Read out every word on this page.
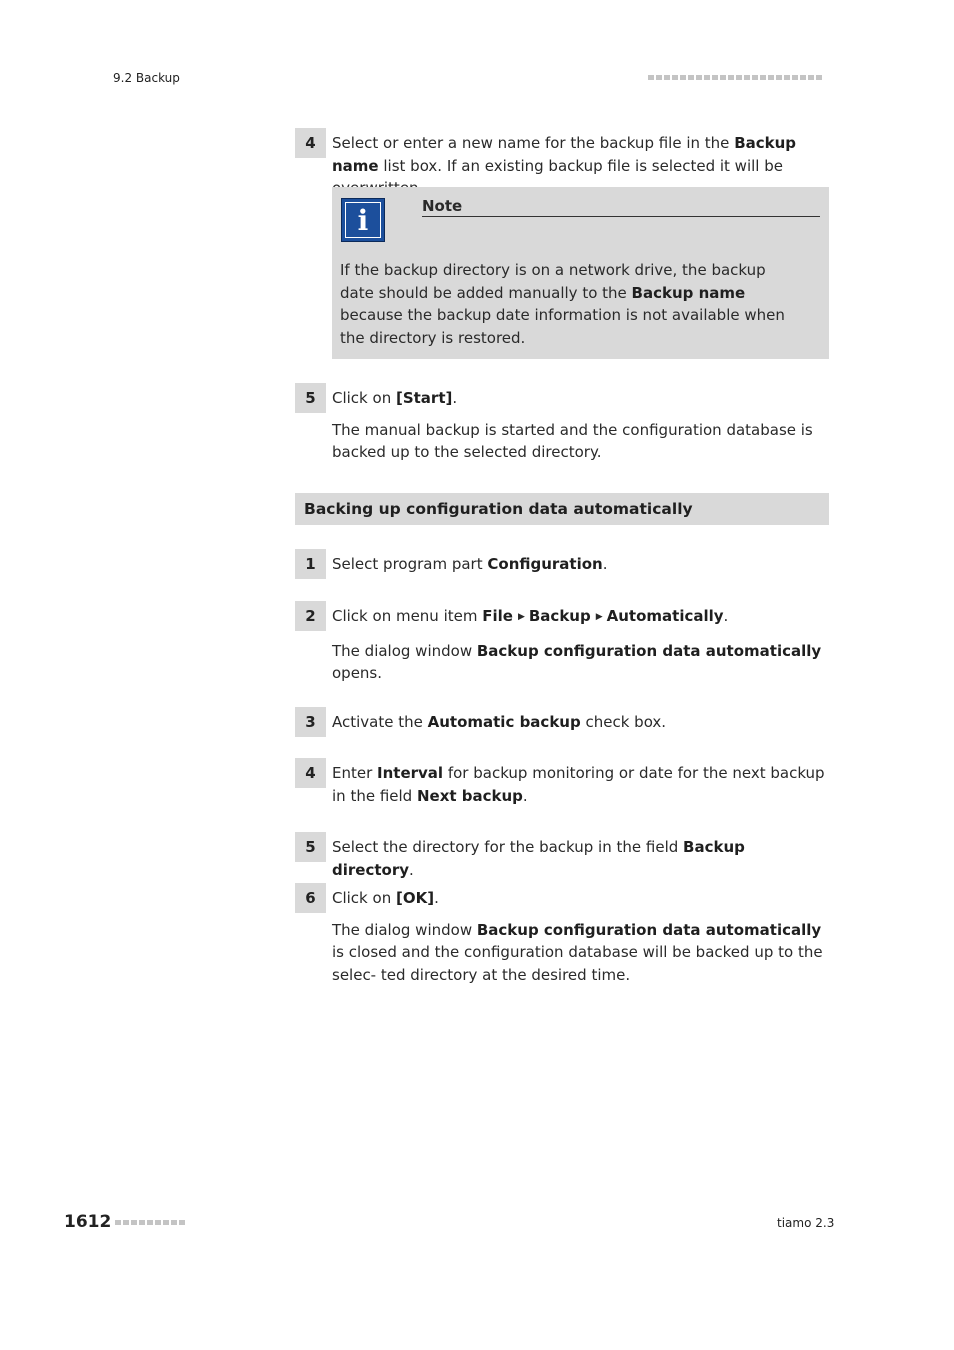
9.2 Backup
4	Select or enter a new name for the backup file in the Backup name list box. If an existing backup file is selected it will be
i	Note
If the backup directory is on a network drive, the backup date should be added manually to the Backup name because the backup date information is not available when the directory is restored.
5	Click on [Start].
The manual backup is started and the configuration database is backed up to the selected directory.
Backing up configuration data automatically
1	Select program part Configuration.
2	Click on menu item File ▶ Backup ▶ Automatically.
The dialog window Backup configuration data automatically opens.
3	Activate the Automatic backup check box.
4	Enter Interval for backup monitoring or date for the next backup in the field Next backup.
5	Select the directory for the backup in the field Backup directory.
6	Click on [OK].
The dialog window Backup configuration data automatically is closed and the configuration database will be backed up to the selec- ted directory at the desired time.
1612	tiamo 2.3
